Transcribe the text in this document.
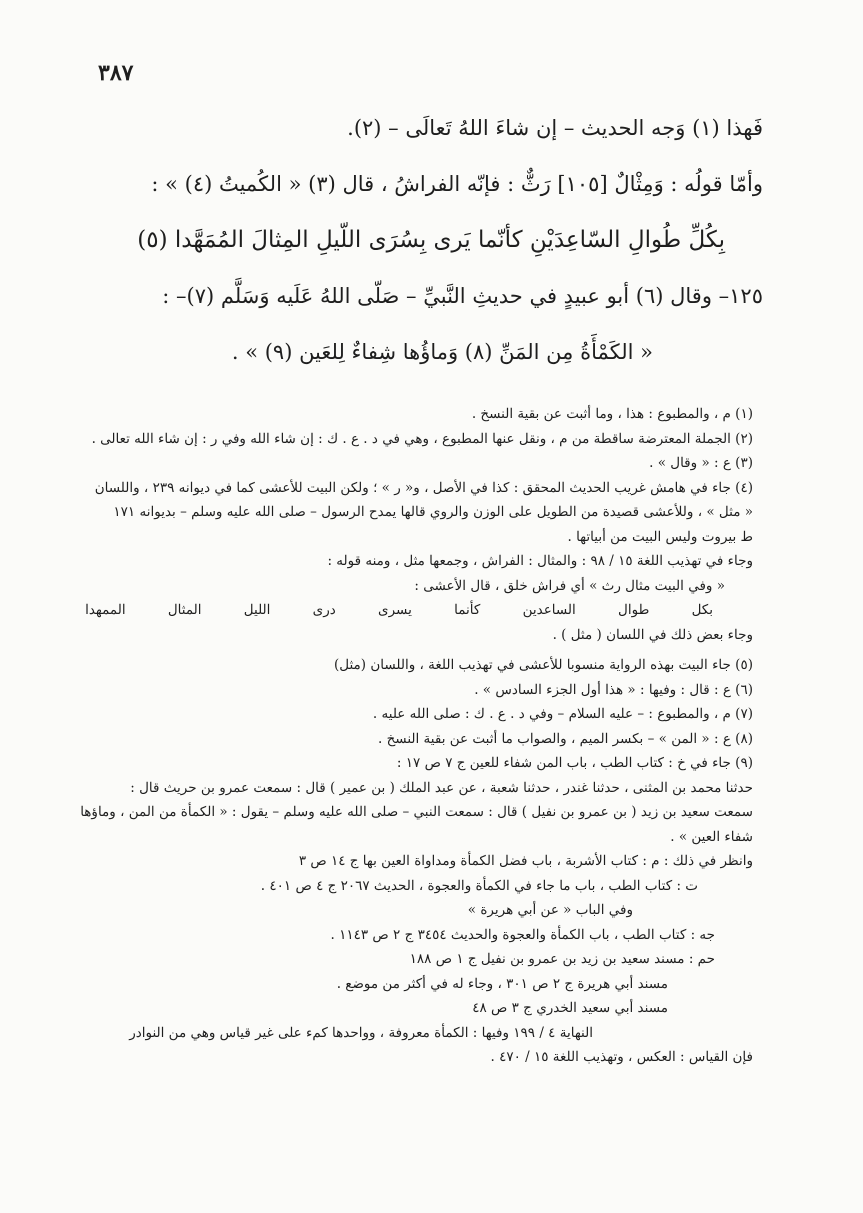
٣٨٧
فَهذا (١) وَجه الحديث – إن شاءَ اللهُ تَعالَى – (٢).
وأمّا قولُه : وَمِثْالٌ [١٠٥] رَثٌّ : فإنّه الفراشُ ، قال (٣) « الكُميتُ (٤) » :
بِكُلِّ طُوالِ السّاعِدَيْنِ كأنّما يَرى بِسُرَى اللّيلِ المِثالَ المُمَهَّدا (٥)
١٢٥– وقال (٦) أبو عبيدٍ في حديثِ النَّبيِّ – صَلّى اللهُ عَلَيه وَسَلَّم (٧)– :
« الكَمْأَةُ مِن المَنِّ (٨) وَماؤُها شِفاءٌ لِلعَين (٩) » .
(١) م ، والمطبوع : هذا ، وما أثبت عن بقية النسخ .
(٢) الجملة المعترضة ساقطة من م ، ونقل عنها المطبوع ، وهي في د . ع . ك : إن شاء الله وفي ر : إن شاء الله تعالى .
(٣) ع : « وقال » .
(٤) جاء في هامش غريب الحديث المحقق : كذا في الأصل ، و« ر » ؛ ولكن البيت للأعشى كما في ديوانه ٢٣٩ ، واللسان
« مثل » ، وللأعشى قصيدة من الطويل على الوزن والروي قالها يمدح الرسول – صلى الله عليه وسلم – بديوانه ١٧١
ط بيروت وليس البيت من أبياتها .
وجاء في تهذيب اللغة ١٥ / ٩٨ : والمثال : الفراش ، وجمعها مثل ، ومنه قوله :
« وفي البيت مثال رث » أي فراش خلق ، قال الأعشى :
بكل
طوال
الساعدين
كأنما
يسرى
درى
الليل
المثال
الممهدا
وجاء بعض ذلك في اللسان ( مثل ) .
(٥) جاء البيت بهذه الرواية منسوبا للأعشى في تهذيب اللغة ، واللسان (مثل)
(٦) ع : قال : وفيها : « هذا أول الجزء السادس » .
(٧) م ، والمطبوع : – عليه السلام – وفي د . ع . ك : صلى الله عليه .
(٨) ع : « المن » – بكسر الميم ، والصواب ما أثبت عن بقية النسخ .
(٩) جاء في خ : كتاب الطب ، باب المن شفاء للعين ج ٧ ص ١٧ :
حدثنا محمد بن المثنى ، حدثنا غندر ، حدثنا شعبة ، عن عبد الملك ( بن عمير ) قال : سمعت عمرو بن حريث قال :
سمعت سعيد بن زيد ( بن عمرو بن نفيل ) قال : سمعت النبي – صلى الله عليه وسلم – يقول : « الكمأة من المن ، وماؤها
شفاء العين » .
وانظر في ذلك : م : كتاب الأشربة ، باب فضل الكمأة ومداواة العين بها ج ١٤ ص ٣
ت : كتاب الطب ، باب ما جاء في الكمأة والعجوة ، الحديث ٢٠٦٧ ج ٤ ص ٤٠١ .
وفي الباب « عن أبي هريرة »
جه : كتاب الطب ، باب الكمأة والعجوة والحديث ٣٤٥٤ ج ٢ ص ١١٤٣ .
حم : مسند سعيد بن زيد بن عمرو بن نفيل ج ١ ص ١٨٨
مسند أبي هريرة ج ٢ ص ٣٠١ ، وجاء له في أكثر من موضع .
مسند أبي سعيد الخدري ج ٣ ص ٤٨
النهاية ٤ / ١٩٩ وفيها : الكمأة معروفة ، وواحدها كمء على غير قياس وهي من النوادر
فإن القياس : العكس ، وتهذيب اللغة ١٥ / ٤٧٠ .
